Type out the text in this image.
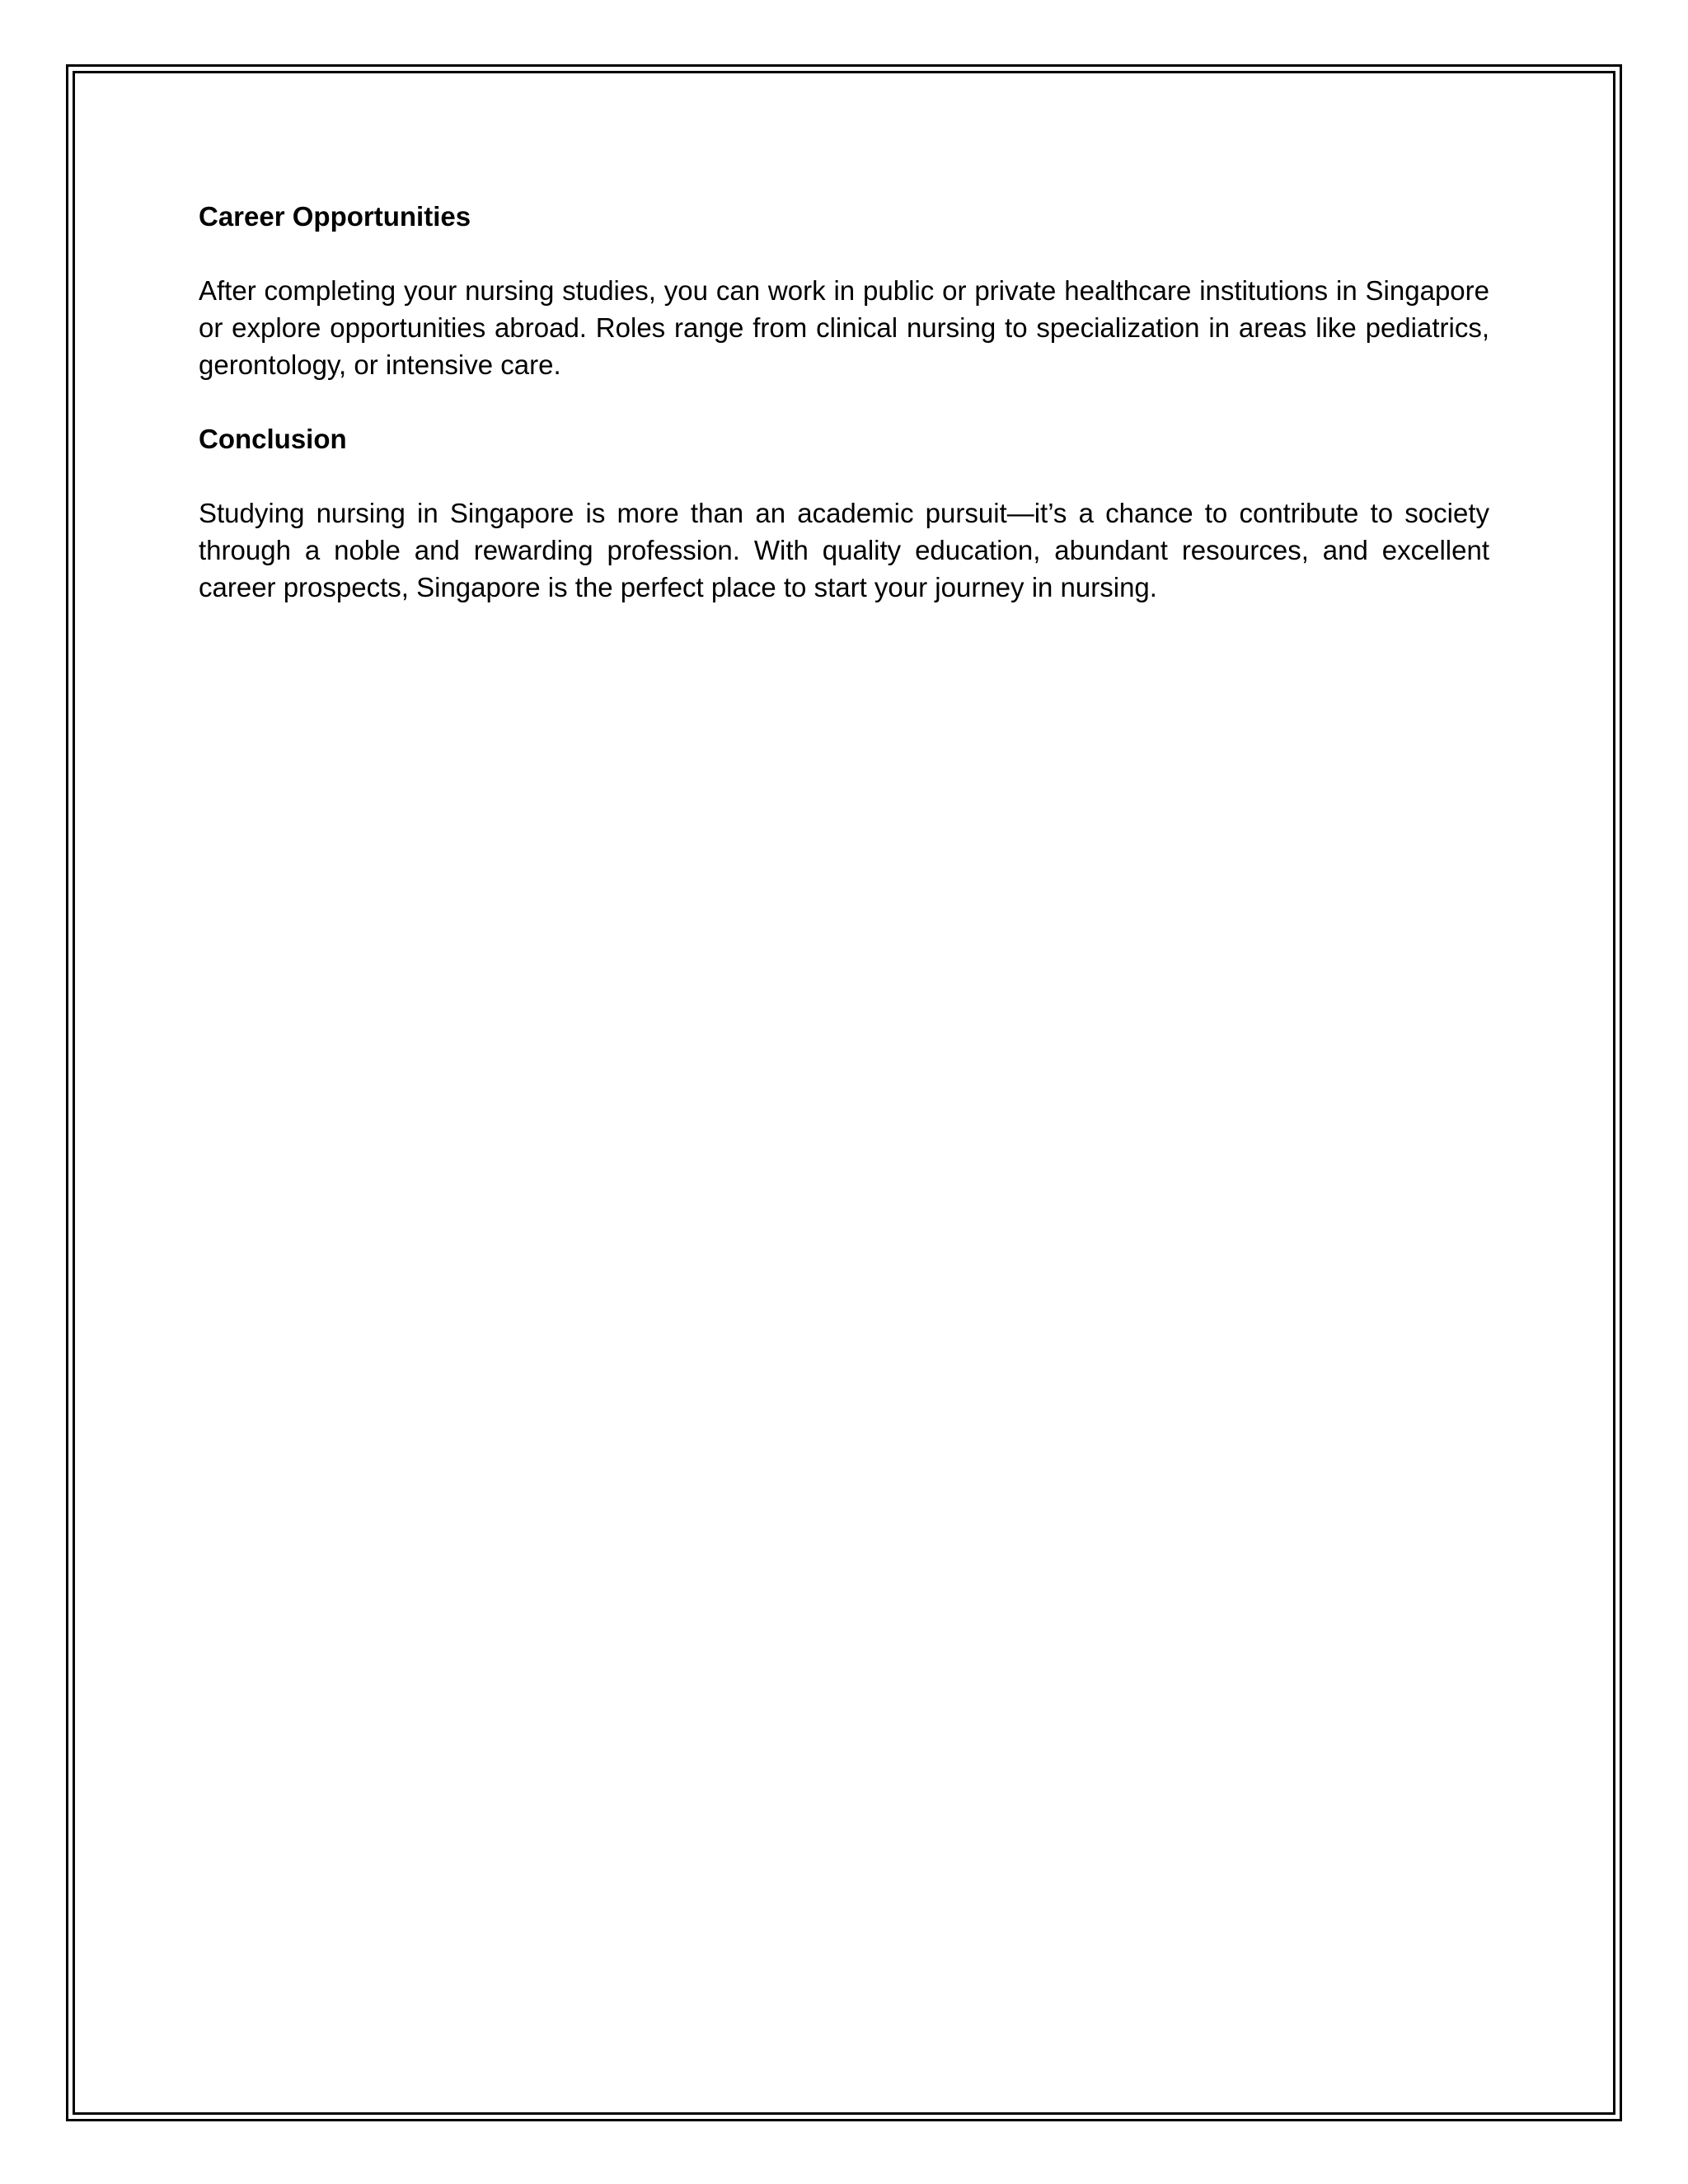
Career Opportunities

After completing your nursing studies, you can work in public or private healthcare institutions in Singapore or explore opportunities abroad. Roles range from clinical nursing to specialization in areas like pediatrics, gerontology, or intensive care.

Conclusion

Studying nursing in Singapore is more than an academic pursuit—it’s a chance to contribute to society through a noble and rewarding profession. With quality education, abundant resources, and excellent career prospects, Singapore is the perfect place to start your journey in nursing.
